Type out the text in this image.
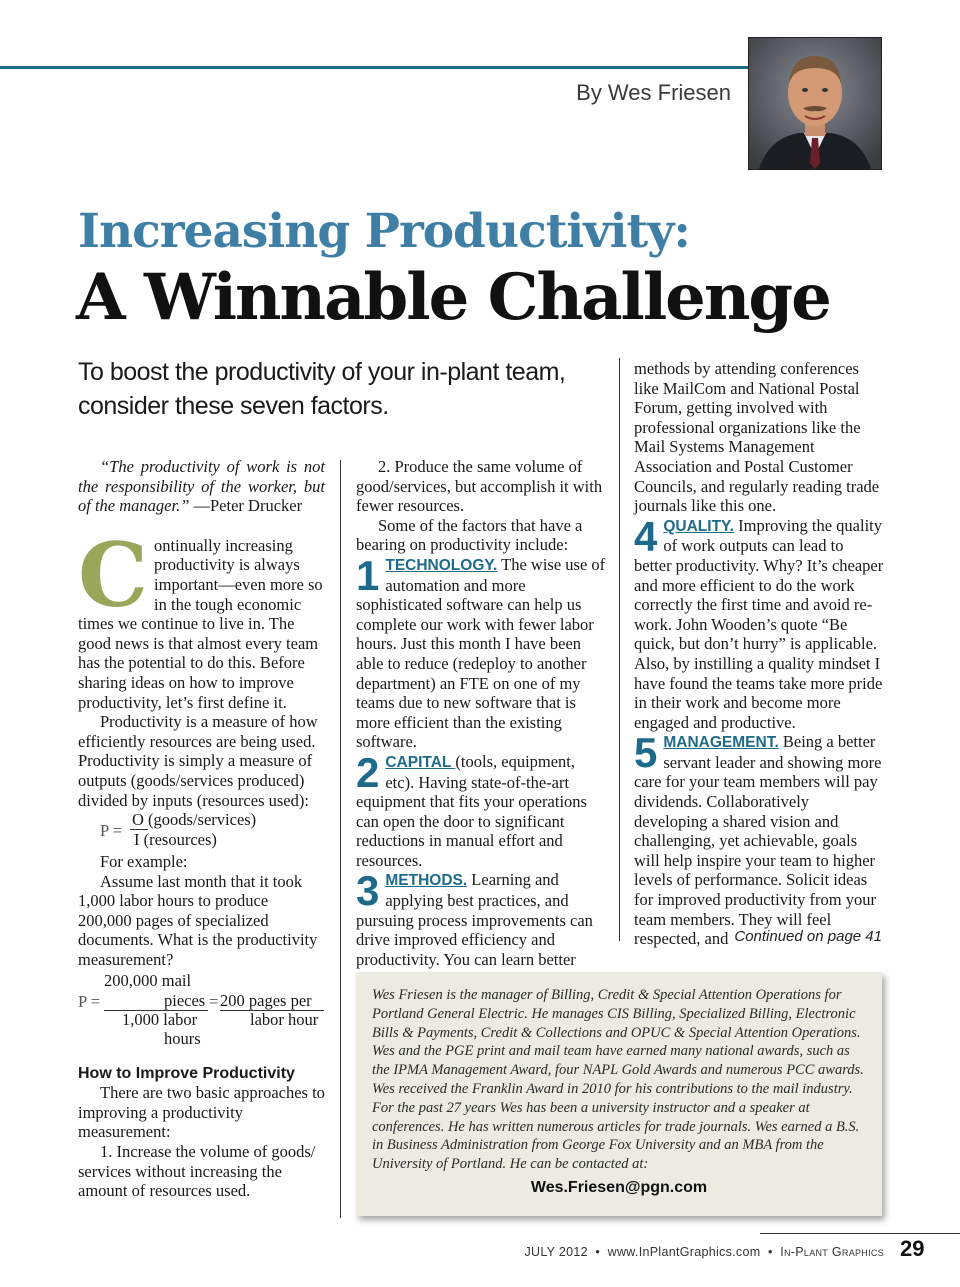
By Wes Friesen
Increasing Productivity:
A Winnable Challenge
To boost the productivity of your in-plant team, consider these seven factors.

“The productivity of work is not the responsibility of the worker, but of the manager.” —Peter Drucker

Continually increasing productivity is always important—even more so in the tough economic times we continue to live in. The good news is that almost every team has the potential to do this. Before sharing ideas on how to improve productivity, let’s first define it.

Productivity is a measure of how efficiently resources are being used. Productivity is simply a measure of outputs (goods/services produced) divided by inputs (resources used):

P =
O (goods/services)
I (resources)

For example:

Assume last month that it took 1,000 labor hours to produce 200,000 pages of specialized documents. What is the productivity measurement?

P =
200,000 mail
pieces
1,000 labor
hours
= 200 pages per
labor hour

How to Improve Productivity

There are two basic approaches to improving a productivity measurement:

1. Increase the volume of goods/ services without increasing the amount of resources used.

2. Produce the same volume of good/services, but accomplish it with fewer resources.

Some of the factors that have a bearing on productivity include:

1 TECHNOLOGY. The wise use of automation and more sophisticated software can help us complete our work with fewer labor hours. Just this month I have been able to reduce (redeploy to another department) an FTE on one of my teams due to new software that is more efficient than the existing software.

2 CAPITAL (tools, equipment, etc). Having state-of-the-art equipment that fits your operations can open the door to significant reductions in manual effort and resources.

3 METHODS. Learning and applying best practices, and pursuing process improvements can drive improved efficiency and productivity. You can learn better

methods by attending conferences like MailCom and National Postal Forum, getting involved with professional organizations like the Mail Systems Management Association and Postal Customer Councils, and regularly reading trade journals like this one.

4 QUALITY. Improving the quality of work outputs can lead to better productivity. Why? It’s cheaper and more efficient to do the work correctly the first time and avoid re-work. John Wooden’s quote “Be quick, but don’t hurry” is applicable. Also, by instilling a quality mindset I have found the teams take more pride in their work and become more engaged and productive.

5 MANAGEMENT. Being a better servant leader and showing more care for your team members will pay dividends. Collaboratively developing a shared vision and challenging, yet achievable, goals will help inspire your team to higher levels of performance. Solicit ideas for improved productivity from your team members. They will feel respected, and Continued on page 41

Wes Friesen is the manager of Billing, Credit & Special Attention Operations for Portland General Electric. He manages CIS Billing, Specialized Billing, Electronic Bills & Payments, Credit & Collections and OPUC & Special Attention Operations. Wes and the PGE print and mail team have earned many national awards, such as the IPMA Management Award, four NAPL Gold Awards and numerous PCC awards. Wes received the Franklin Award in 2010 for his contributions to the mail industry. For the past 27 years Wes has been a university instructor and a speaker at conferences. He has written numerous articles for trade journals. Wes earned a B.S. in Business Administration from George Fox University and an MBA from the University of Portland. He can be contacted at:

Wes.Friesen@pgn.com
JULY 2012 • www.InPlantGraphics.com • In-Plant Graphics 29
